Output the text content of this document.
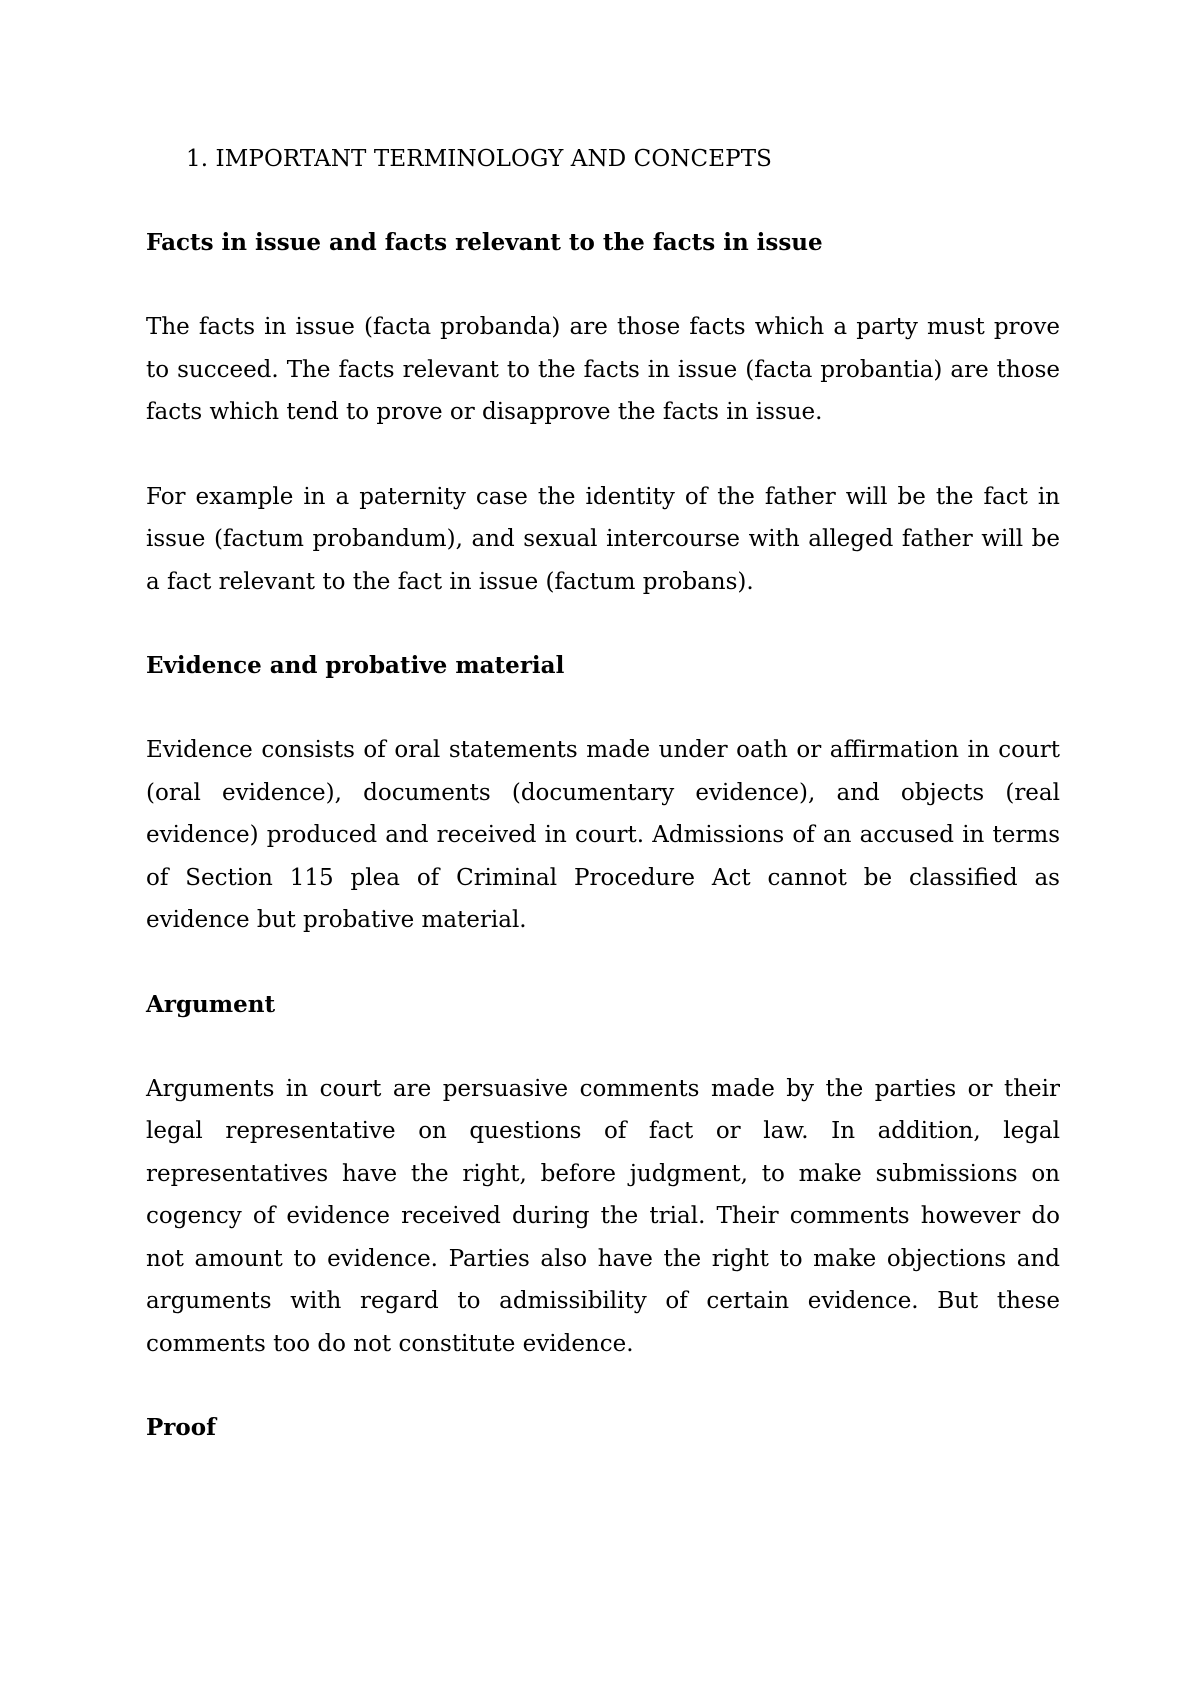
1. IMPORTANT TERMINOLOGY AND CONCEPTS
Facts in issue and facts relevant to the facts in issue

The facts in issue (facta probanda) are those facts which a party must prove to succeed. The facts relevant to the facts in issue (facta probantia) are those facts which tend to prove or disapprove the facts in issue.

For example in a paternity case the identity of the father will be the fact in issue (factum probandum), and sexual intercourse with alleged father will be a fact relevant to the fact in issue (factum probans).

Evidence and probative material

Evidence consists of oral statements made under oath or affirmation in court (oral evidence), documents (documentary evidence), and objects (real evidence) produced and received in court. Admissions of an accused in terms of Section 115 plea of Criminal Procedure Act cannot be classified as evidence but probative material.

Argument

Arguments in court are persuasive comments made by the parties or their legal representative on questions of fact or law. In addition, legal representatives have the right, before judgment, to make submissions on cogency of evidence received during the trial. Their comments however do not amount to evidence. Parties also have the right to make objections and arguments with regard to admissibility of certain evidence. But these comments too do not constitute evidence.

Proof
